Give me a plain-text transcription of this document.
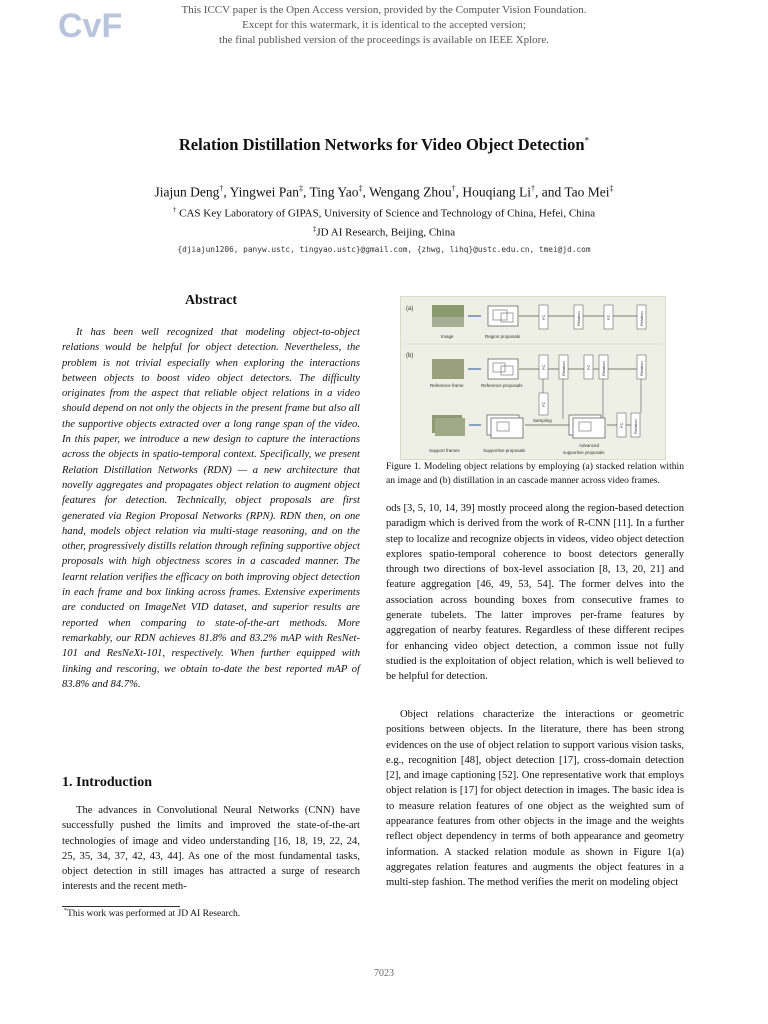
CvF	This ICCV paper is the Open Access version, provided by the Computer Vision Foundation.
Except for this watermark, it is identical to the accepted version;
the final published version of the proceedings is available on IEEE Xplore.
Relation Distillation Networks for Video Object Detection*
Jiajun Deng†, Yingwei Pan‡, Ting Yao‡, Wengang Zhou†, Houqiang Li†, and Tao Mei‡
† CAS Key Laboratory of GIPAS, University of Science and Technology of China, Hefei, China
‡JD AI Research, Beijing, China
{djiajun1206, panyw.ustc, tingyao.ustc}@gmail.com, {zhwg, lihq}@ustc.edu.cn, tmei@jd.com
Abstract

It has been well recognized that modeling object-to-object relations would be helpful for object detection. Nevertheless, the problem is not trivial especially when exploring the interactions between objects to boost video object detectors. The difficulty originates from the aspect that reliable object relations in a video should depend on not only the objects in the present frame but also all the supportive objects extracted over a long range span of the video. In this paper, we introduce a new design to capture the interactions across the objects in spatio-temporal context. Specifically, we present Relation Distillation Networks (RDN) — a new architecture that novelly aggregates and propagates object relation to augment object features for detection. Technically, object proposals are first generated via Region Proposal Networks (RPN). RDN then, on one hand, models object relation via multi-stage reasoning, and on the other, progressively distills relation through refining supportive object proposals with high objectness scores in a cascaded manner. The learnt relation verifies the efficacy on both improving object detection in each frame and box linking across frames. Extensive experiments are conducted on ImageNet VID dataset, and superior results are reported when comparing to state-of-the-art methods. More remarkably, our RDN achieves 81.8% and 83.2% mAP with ResNet-101 and ResNeXt-101, respectively. When further equipped with linking and rescoring, we obtain to-date the best reported mAP of 83.8% and 84.7%.

1. Introduction

The advances in Convolutional Neural Networks (CNN) have successfully pushed the limits and improved the state-of-the-art technologies of image and video understanding [16, 18, 19, 22, 24, 25, 35, 34, 37, 42, 43, 44]. As one of the most fundamental tasks, object detection in still images has attracted a surge of research interests and the recent meth-

*This work was performed at JD AI Research.
(a)
FC	Relation	FC	Relation
Image	Region proposals
(b)
FC	Relation	FC	Relation	Relation
Reference frame	Reference proposals
FC
Sampling
FC Relation
Support frames	Supportive proposals
Advanced
supportive proposals

Figure 1. Modeling object relations by employing (a) stacked relation within an image and (b) distillation in an cascade manner across video frames.

ods [3, 5, 10, 14, 39] mostly proceed along the region-based detection paradigm which is derived from the work of R-CNN [11]. In a further step to localize and recognize objects in videos, video object detection explores spatio-temporal coherence to boost detectors generally through two directions of box-level association [8, 13, 20, 21] and feature aggregation [46, 49, 53, 54]. The former delves into the association across bounding boxes from consecutive frames to generate tubelets. The latter improves per-frame features by aggregation of nearby features. Regardless of these different recipes for enhancing video object detection, a common issue not fully studied is the exploitation of object relation, which is well believed to be helpful for detection.

Object relations characterize the interactions or geometric positions between objects. In the literature, there has been strong evidences on the use of object relation to support various vision tasks, e.g., recognition [48], object detection [17], cross-domain detection [2], and image captioning [52]. One representative work that employs object relation is [17] for object detection in images. The basic idea is to measure relation features of one object as the weighted sum of appearance features from other objects in the image and the weights reflect object dependency in terms of both appearance and geometry information. A stacked relation module as shown in Figure 1(a) aggregates relation features and augments the object features in a multi-step fashion. The method verifies the merit on modeling object

7023
